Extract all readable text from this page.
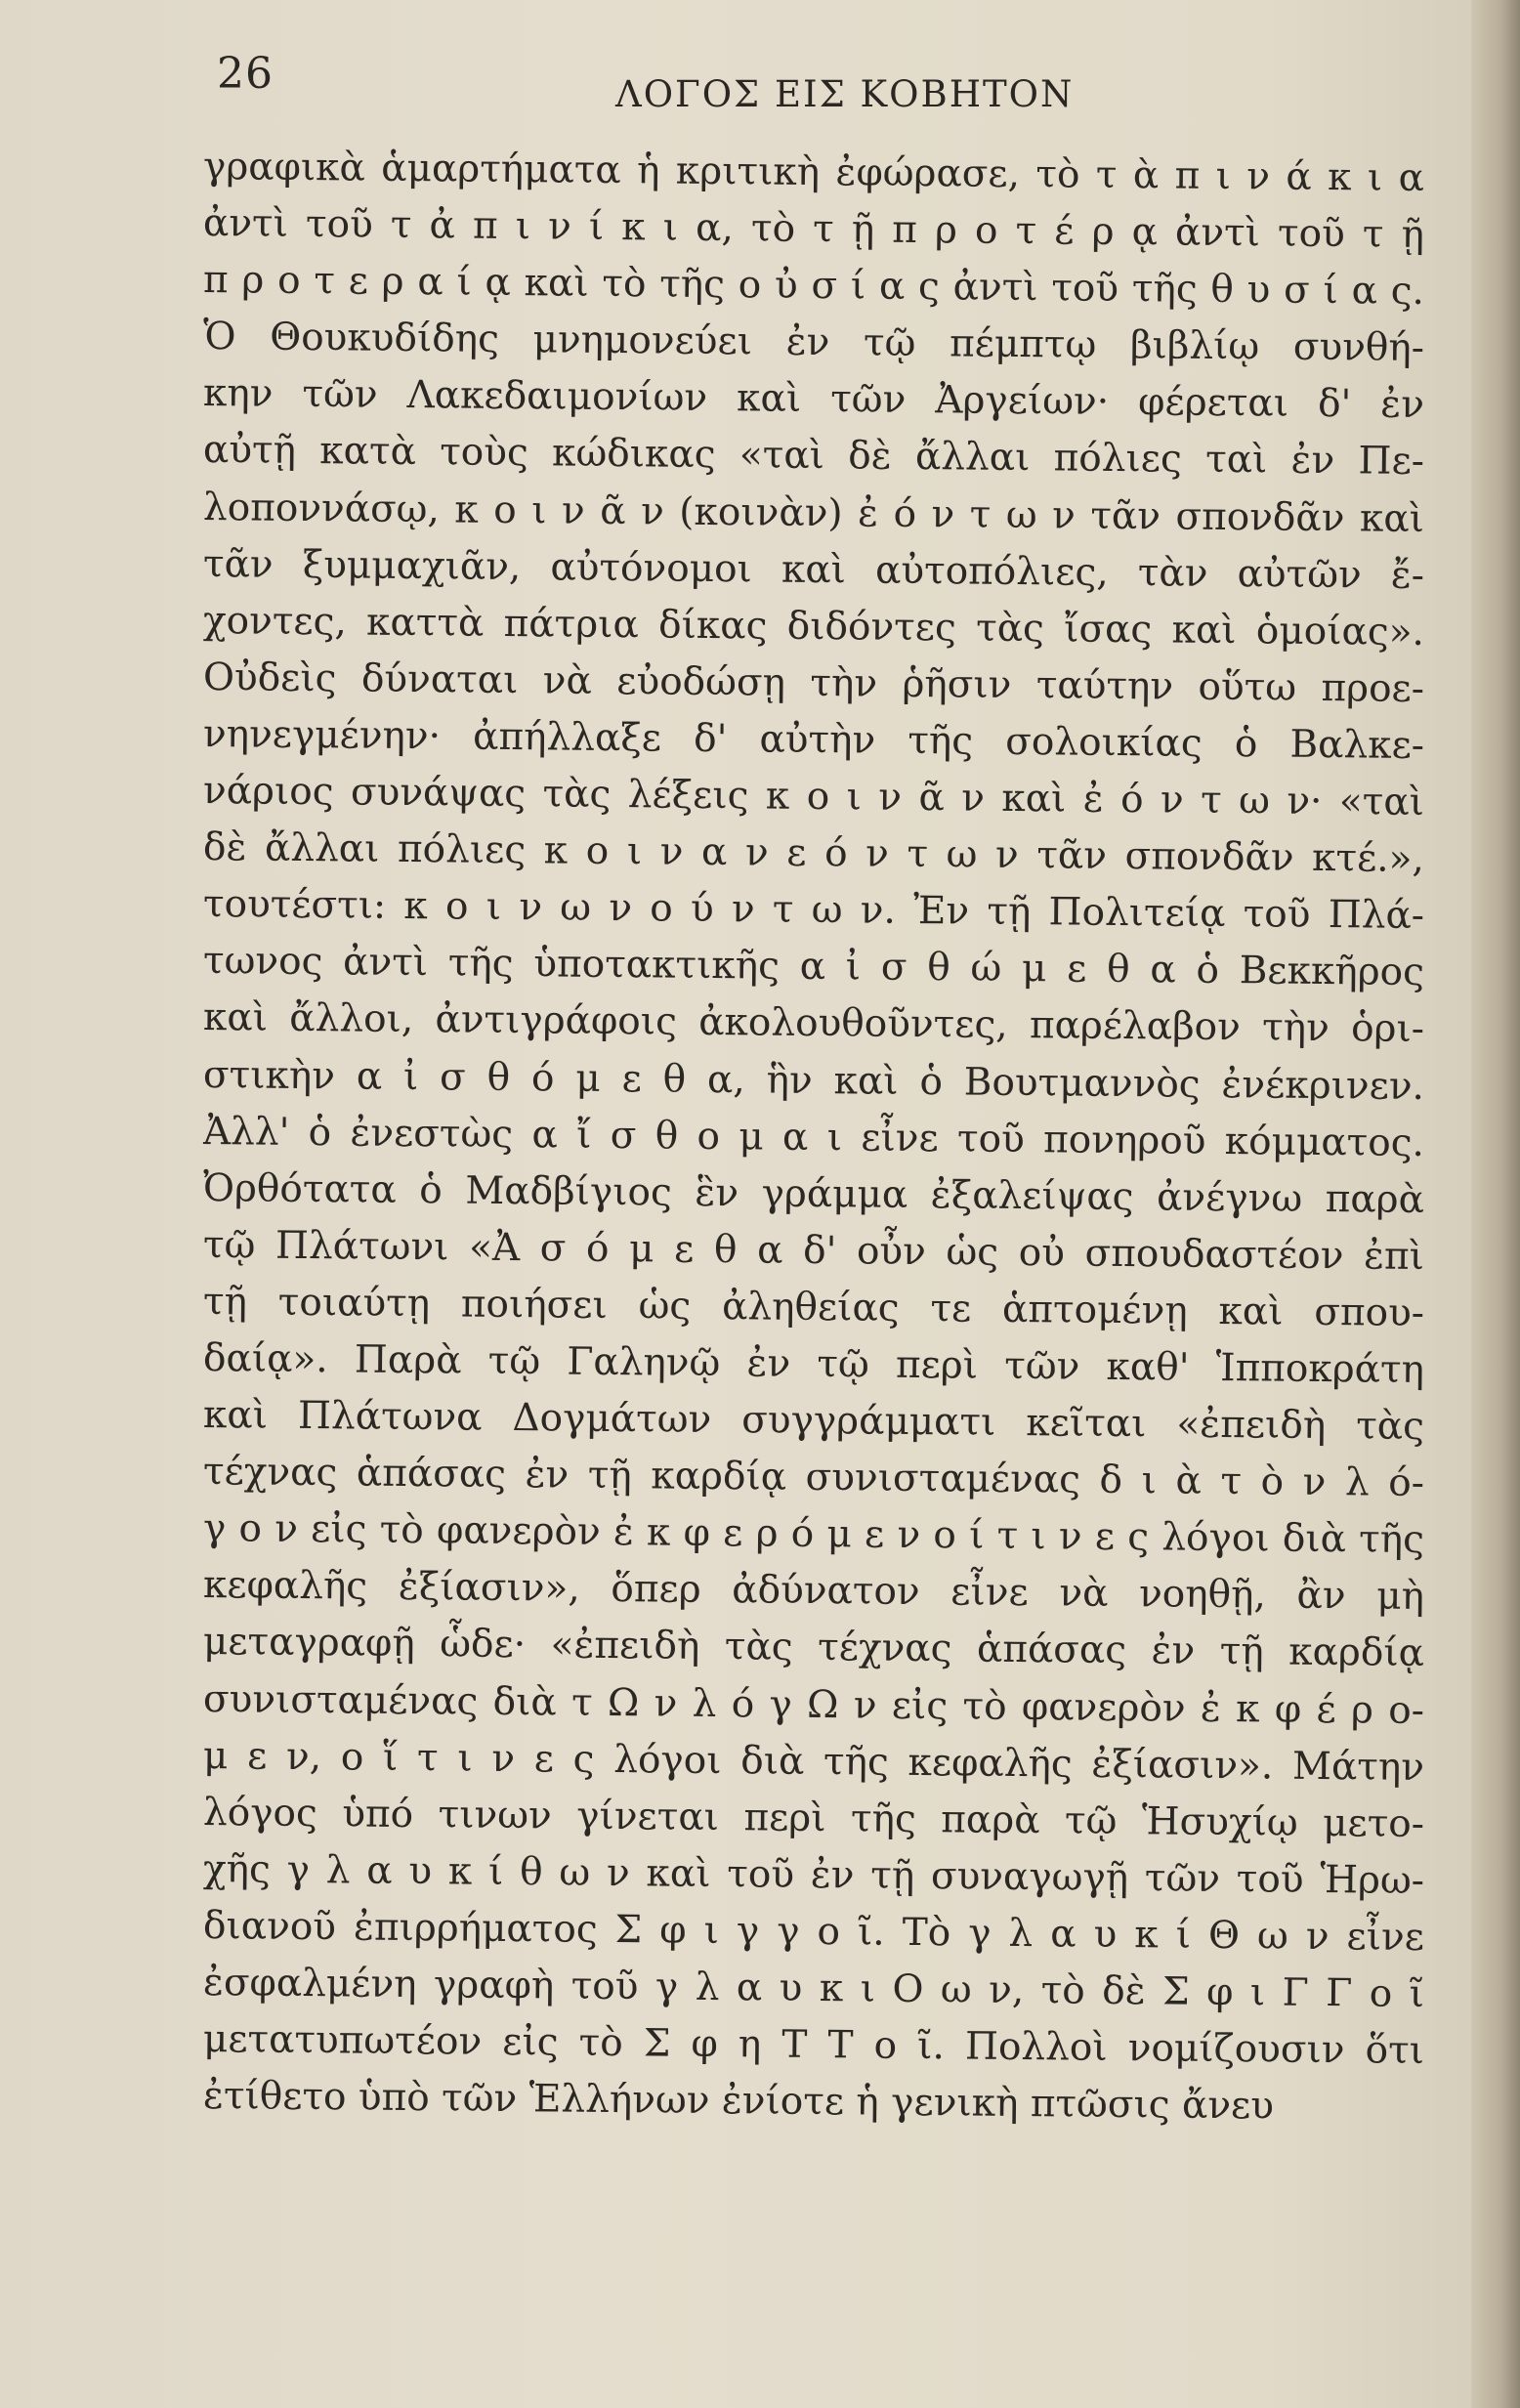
26	ΛΟΓΟΣ ΕΙΣ ΚΟΒΗΤΟΝ
γραφικὰ ἁμαρτήματα ἡ κριτικὴ ἐφώρασε, τὸ τ ὰ π ι ν ά κ ι α
ἀντὶ τοῦ τ ἀ π ι ν ί κ ι α, τὸ τ ῇ π ρ ο τ έ ρ ᾳ ἀντὶ τοῦ τ ῇ
π ρ ο τ ε ρ α ί ᾳ καὶ τὸ τῆς ο ὐ σ ί α ς ἀντὶ τοῦ τῆς θ υ σ ί α ς.
Ὁ Θουκυδίδης μνημονεύει ἐν τῷ πέμπτῳ βιβλίῳ συνθή-
κην τῶν Λακεδαιμονίων καὶ τῶν Ἀργείων· φέρεται δ' ἐν
αὐτῇ κατὰ τοὺς κώδικας «ταὶ δὲ ἄλλαι πόλιες ταὶ ἐν Πε-
λοποννάσῳ, κ ο ι ν ᾶ ν (κοινὰν) ἐ ό ν τ ω ν τᾶν σπονδᾶν καὶ
τᾶν ξυμμαχιᾶν, αὐτόνομοι καὶ αὐτοπόλιες, τὰν αὐτῶν ἔ-
χοντες, καττὰ πάτρια δίκας διδόντες τὰς ἴσας καὶ ὁμοίας».
Οὐδεὶς δύναται νὰ εὐοδώσῃ τὴν ῥῆσιν ταύτην οὕτω προε-
νηνεγμένην· ἀπήλλαξε δ' αὐτὴν τῆς σολοικίας ὁ Βαλκε-
νάριος συνάψας τὰς λέξεις κ ο ι ν ᾶ ν καὶ ἐ ό ν τ ω ν· «ταὶ
δὲ ἄλλαι πόλιες κ ο ι ν α ν ε ό ν τ ω ν τᾶν σπονδᾶν κτέ.»,
τουτέστι: κ ο ι ν ω ν ο ύ ν τ ω ν. Ἐν τῇ Πολιτείᾳ τοῦ Πλά-
τωνος ἀντὶ τῆς ὑποτακτικῆς α ἰ σ θ ώ μ ε θ α ὁ Βεκκῆρος
καὶ ἄλλοι, ἀντιγράφοις ἀκολουθοῦντες, παρέλαβον τὴν ὁρι-
στικὴν α ἰ σ θ ό μ ε θ α, ἣν καὶ ὁ Βουτμαννὸς ἐνέκρινεν.
Ἀλλ' ὁ ἐνεστὼς α ἴ σ θ ο μ α ι εἶνε τοῦ πονηροῦ κόμματος.
Ὀρθότατα ὁ Μαδβίγιος ἓν γράμμα ἐξαλείψας ἀνέγνω παρὰ
τῷ Πλάτωνι «Ἀ σ ό μ ε θ α δ' οὖν ὡς οὐ σπουδαστέον ἐπὶ
τῇ τοιαύτῃ ποιήσει ὡς ἀληθείας τε ἁπτομένῃ καὶ σπου-
δαίᾳ». Παρὰ τῷ Γαληνῷ ἐν τῷ περὶ τῶν καθ' Ἱπποκράτη
καὶ Πλάτωνα Δογμάτων συγγράμματι κεῖται «ἐπειδὴ τὰς
τέχνας ἁπάσας ἐν τῇ καρδίᾳ συνισταμένας δ ι ὰ τ ὸ ν λ ό-
γ ο ν εἰς τὸ φανερὸν ἐ κ φ ε ρ ό μ ε ν ο ί τ ι ν ε ς λόγοι διὰ τῆς
κεφαλῆς ἐξίασιν», ὅπερ ἀδύνατον εἶνε νὰ νοηθῇ, ἂν μὴ
μεταγραφῇ ὧδε· «ἐπειδὴ τὰς τέχνας ἁπάσας ἐν τῇ καρδίᾳ
συνισταμένας διὰ τ Ω ν λ ό γ Ω ν εἰς τὸ φανερὸν ἐ κ φ έ ρ ο-
μ ε ν, ο ἵ τ ι ν ε ς λόγοι διὰ τῆς κεφαλῆς ἐξίασιν». Μάτην
λόγος ὑπό τινων γίνεται περὶ τῆς παρὰ τῷ Ἡσυχίῳ μετο-
χῆς γ λ α υ κ ί θ ω ν καὶ τοῦ ἐν τῇ συναγωγῇ τῶν τοῦ Ἡρω-
διανοῦ ἐπιρρήματος Σ φ ι γ γ ο ῖ. Τὸ γ λ α υ κ ί Θ ω ν εἶνε
ἐσφαλμένη γραφὴ τοῦ γ λ α υ κ ι Ο ω ν, τὸ δὲ Σ φ ι Γ Γ ο ῖ
μετατυπωτέον εἰς τὸ Σ φ η Τ Τ ο ῖ. Πολλοὶ νομίζουσιν ὅτι
ἐτίθετο ὑπὸ τῶν Ἑλλήνων ἐνίοτε ἡ γενικὴ πτῶσις ἄνευ
